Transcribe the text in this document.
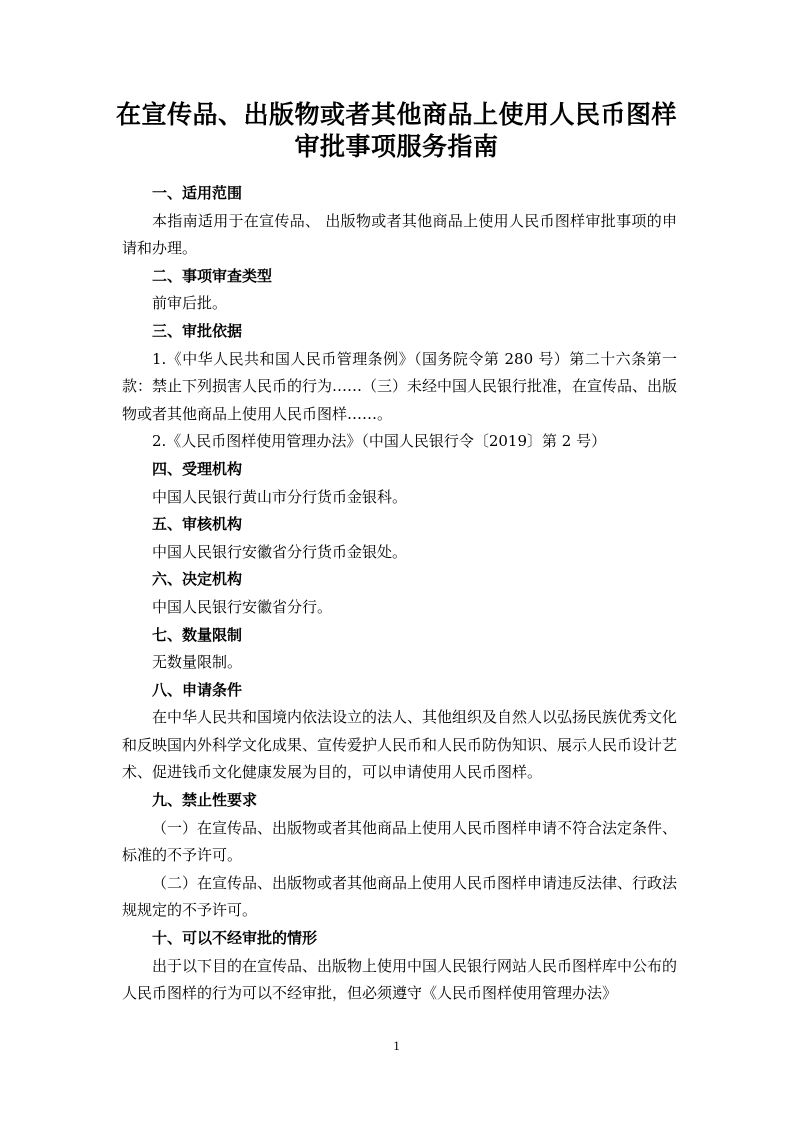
在宣传品、出版物或者其他商品上使用人民币图样
审批事项服务指南

一、适用范围

本指南适用于在宣传品、 出版物或者其他商品上使用人民币图样审批事项的申请和办理。

二、事项审查类型

前审后批。

三、审批依据

1.《中华人民共和国人民币管理条例》（国务院令第 280 号）第二十六条第一款：禁止下列损害人民币的行为……（三）未经中国人民银行批准，在宣传品、出版物或者其他商品上使用人民币图样……。

2.《人民币图样使用管理办法》（中国人民银行令〔2019〕第 2 号）

四、受理机构

中国人民银行黄山市分行货币金银科。

五、审核机构

中国人民银行安徽省分行货币金银处。

六、决定机构

中国人民银行安徽省分行。

七、数量限制

无数量限制。

八、申请条件

在中华人民共和国境内依法设立的法人、其他组织及自然人以弘扬民族优秀文化和反映国内外科学文化成果、宣传爱护人民币和人民币防伪知识、展示人民币设计艺术、促进钱币文化健康发展为目的，可以申请使用人民币图样。

九、禁止性要求

（一）在宣传品、出版物或者其他商品上使用人民币图样申请不符合法定条件、标准的不予许可。

（二）在宣传品、出版物或者其他商品上使用人民币图样申请违反法律、行政法规规定的不予许可。

十、可以不经审批的情形

出于以下目的在宣传品、出版物上使用中国人民银行网站人民币图样库中公布的人民币图样的行为可以不经审批，但必须遵守《人民币图样使用管理办法》

1
